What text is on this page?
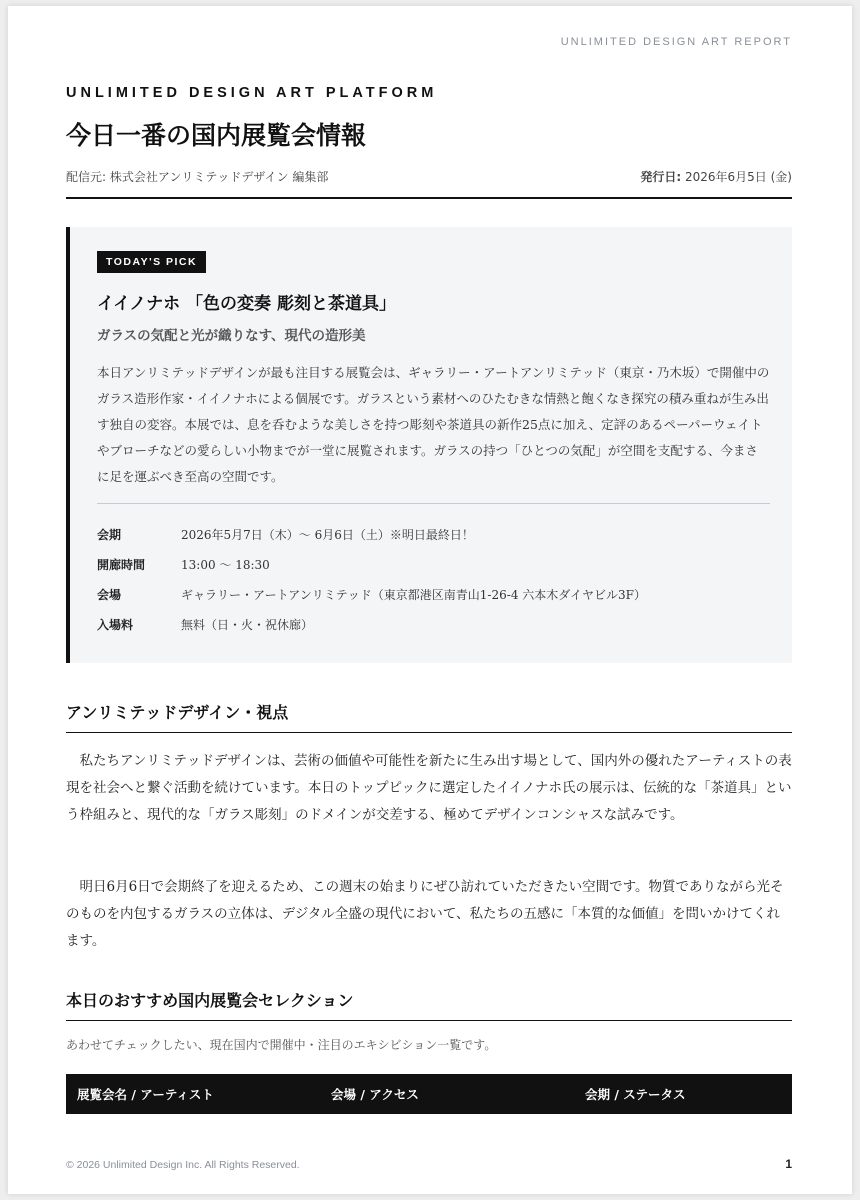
UNLIMITED DESIGN ART REPORT
UNLIMITED DESIGN ART PLATFORM
今日一番の国内展覧会情報
配信元: 株式会社アンリミテッドデザイン 編集部	発行日: 2026年6月5日 (金)
TODAY'S PICK
イイノナホ 「色の変奏 彫刻と茶道具」
ガラスの気配と光が織りなす、現代の造形美

本日アンリミテッドデザインが最も注目する展覧会は、ギャラリー・アートアンリミテッド（東京・乃木坂）で開催中のガラス造形作家・イイノナホによる個展です。ガラスという素材へのひたむきな情熱と飽くなき探究の積み重ねが生み出す独自の変容。本展では、息を呑むような美しさを持つ彫刻や茶道具の新作25点に加え、定評のあるペーパーウェイトやブローチなどの愛らしい小物までが一堂に展覧されます。ガラスの持つ「ひとつの気配」が空間を支配する、今まさに足を運ぶべき至高の空間です。

会期	2026年5月7日（木）〜 6月6日（土）※明日最終日！
開廊時間	13:00 〜 18:30
会場	ギャラリー・アートアンリミテッド（東京都港区南青山1-26-4 六本木ダイヤビル3F）
入場料	無料（日・火・祝休廊）
アンリミテッドデザイン・視点

私たちアンリミテッドデザインは、芸術の価値や可能性を新たに生み出す場として、国内外の優れたアーティストの表現を社会へと繋ぐ活動を続けています。本日のトップピックに選定したイイノナホ氏の展示は、伝統的な「茶道具」という枠組みと、現代的な「ガラス彫刻」のドメインが交差する、極めてデザインコンシャスな試みです。

明日6月6日で会期終了を迎えるため、この週末の始まりにぜひ訪れていただきたい空間です。物質でありながら光そのものを内包するガラスの立体は、デジタル全盛の現代において、私たちの五感に「本質的な価値」を問いかけてくれます。

本日のおすすめ国内展覧会セレクション
あわせてチェックしたい、現在国内で開催中・注目のエキシビション一覧です。
展覧会名 / アーティスト	会場 / アクセス	会期 / ステータス
© 2026 Unlimited Design Inc. All Rights Reserved.	1
